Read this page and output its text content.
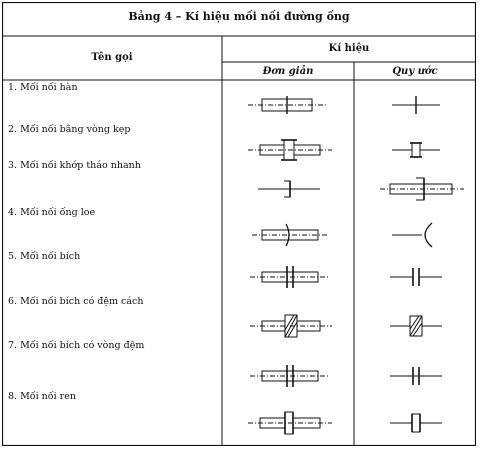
Bảng 4 – Kí hiệu mối nối đường ống
Tên gọi
Kí hiệu
Đơn giản	Quy ước
1. Mối nối hàn
2. Mối nối bằng vòng kẹp
3. Mối nối khớp tháo nhanh
4. Mối nối ống loe
5. Mối nối bích
6. Mối nối bích có đệm cách
7. Mối nối bích có vòng đệm
8. Mối nối ren
